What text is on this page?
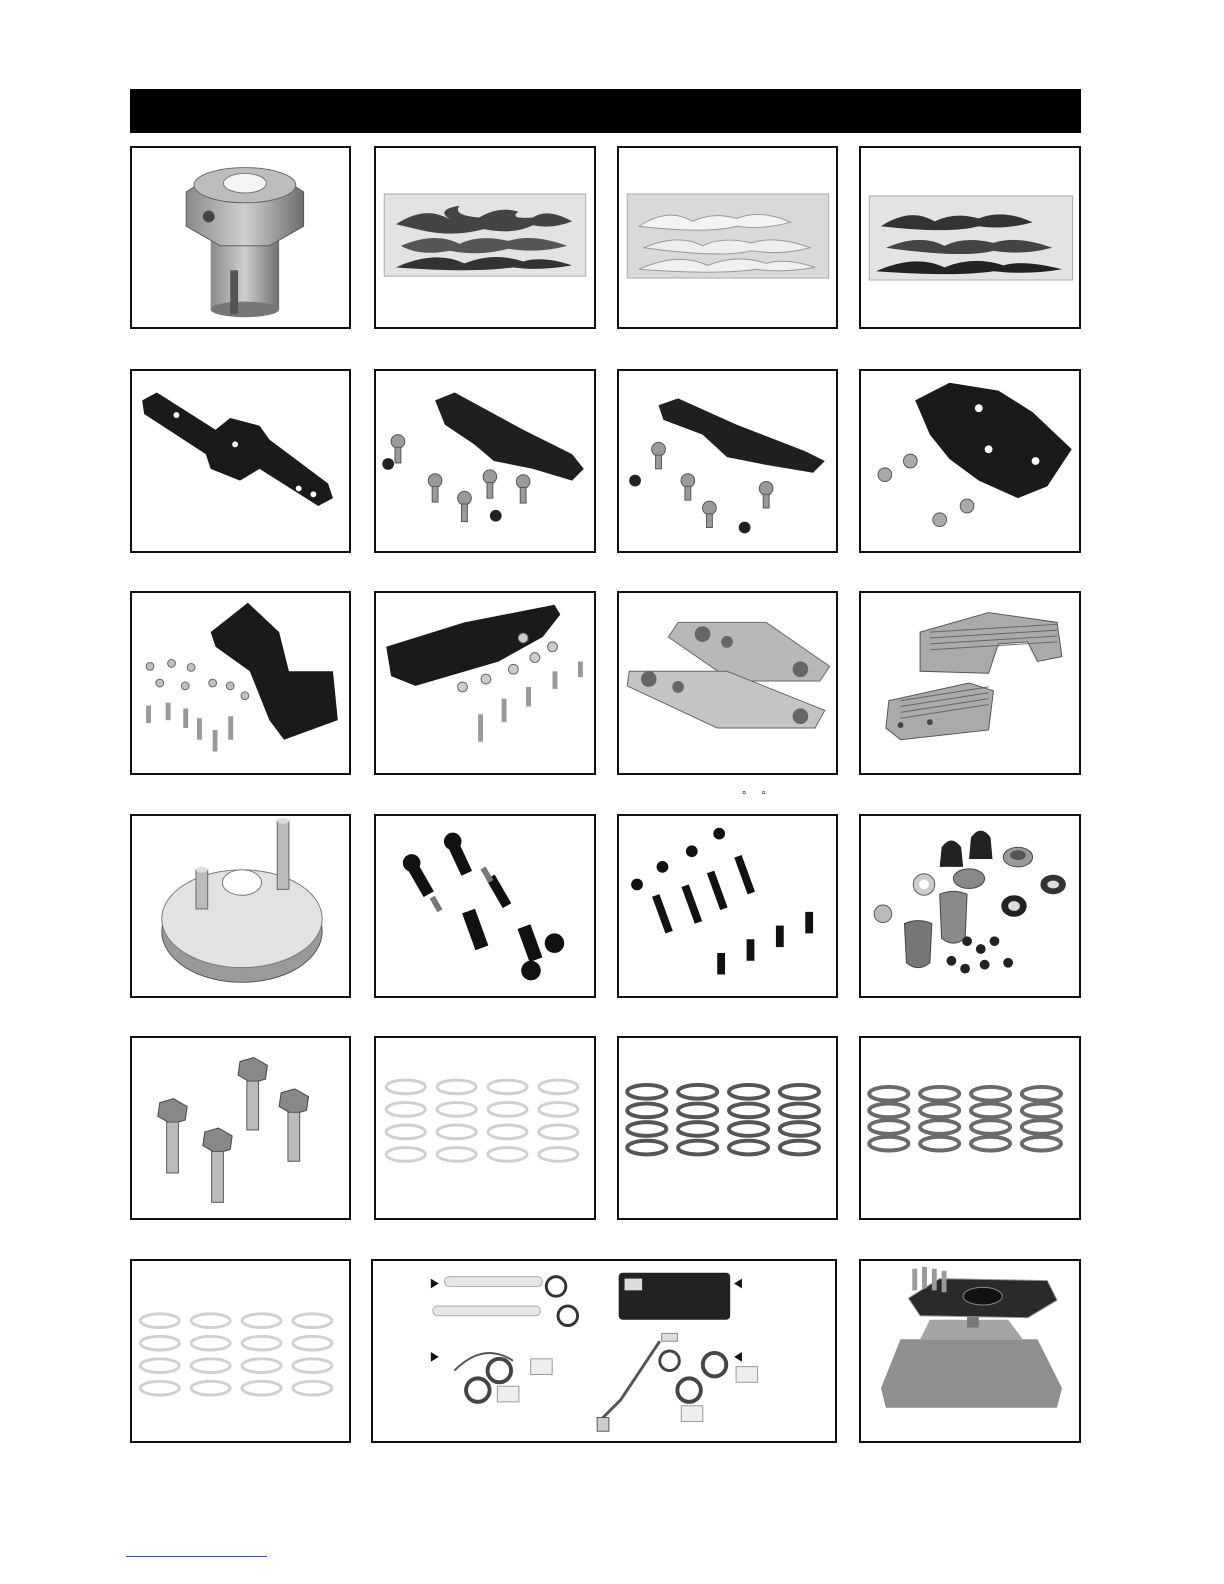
° °
